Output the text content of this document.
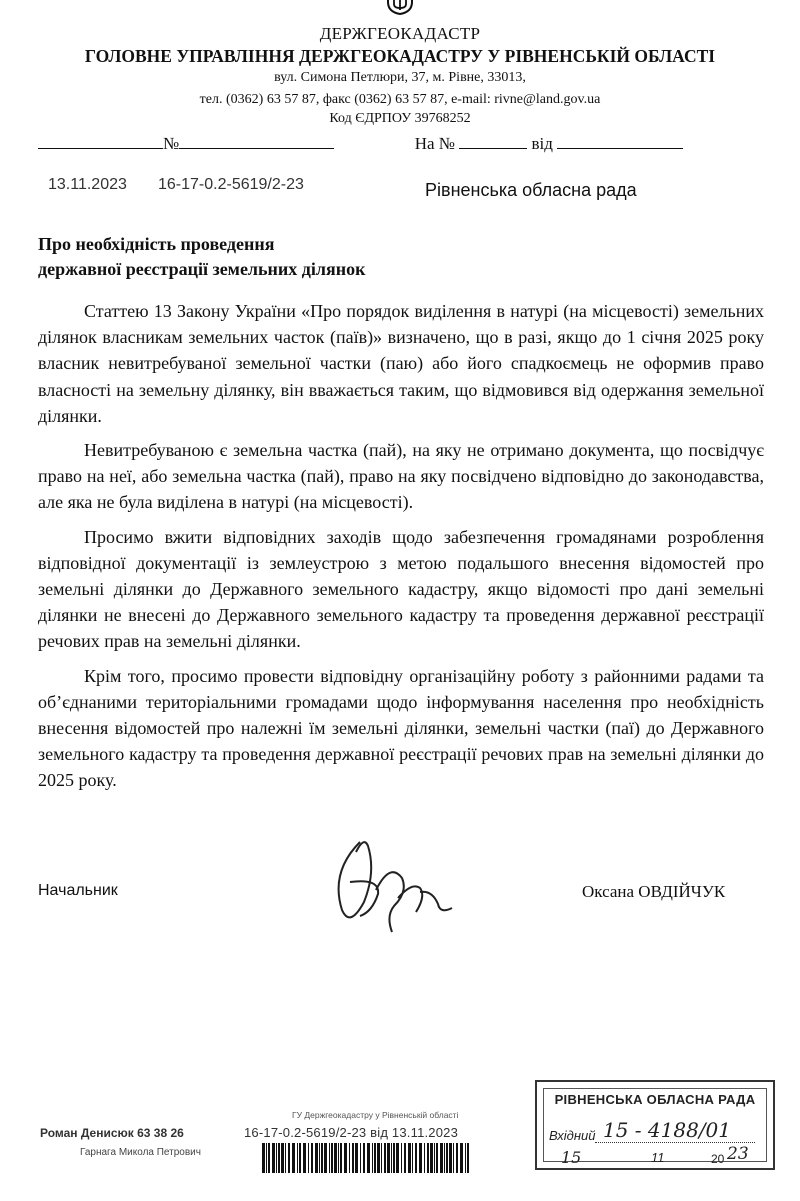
ДЕРЖГЕОКАДАСТР
ГОЛОВНЕ УПРАВЛІННЯ ДЕРЖГЕОКАДАСТРУ У РІВНЕНСЬКІЙ ОБЛАСТІ
вул. Симона Петлюри, 37, м. Рівне, 33013,
тел. (0362) 63 57 87, факс (0362) 63 57 87, e-mail: rivne@land.gov.ua
Код ЄДРПОУ 39768252
№	На №	від
13.11.2023 16-17-0.2-5619/2-23	Рівненська обласна рада
Про необхідність проведення
державної реєстрації земельних ділянок

Статтею 13 Закону України «Про порядок виділення в натурі (на місцевості) земельних ділянок власникам земельних часток (паїв)» визначено, що в разі, якщо до 1 січня 2025 року власник невитребуваної земельної частки (паю) або його спадкоємець не оформив право власності на земельну ділянку, він вважається таким, що відмовився від одержання земельної ділянки.

Невитребуваною є земельна частка (пай), на яку не отримано документа, що посвідчує право на неї, або земельна частка (пай), право на яку посвідчено відповідно до законодавства, але яка не була виділена в натурі (на місцевості).

Просимо вжити відповідних заходів щодо забезпечення громадянами розроблення відповідної документації із землеустрою з метою подальшого внесення відомостей про земельні ділянки до Державного земельного кадастру, якщо відомості про дані земельні ділянки не внесені до Державного земельного кадастру та проведення державної реєстрації речових прав на земельні ділянки.

Крім того, просимо провести відповідну організаційну роботу з районними радами та об’єднаними територіальними громадами щодо інформування населення про необхідність внесення відомостей про належні їм земельні ділянки, земельні частки (паї) до Державного земельного кадастру та проведення державної реєстрації речових прав на земельні ділянки до 2025 року.

Начальник	Оксана ОВДІЙЧУК
Роман Денисюк 63 38 26
Гарнага Микола Петрович
ГУ Держгеокадастру у Рівненській області
16-17-0.2-5619/2-23 від 13.11.2023
РІВНЕНСЬКА ОБЛАСНА РАДА
Вхідний 15 - 4188/01
15	11	20 23
